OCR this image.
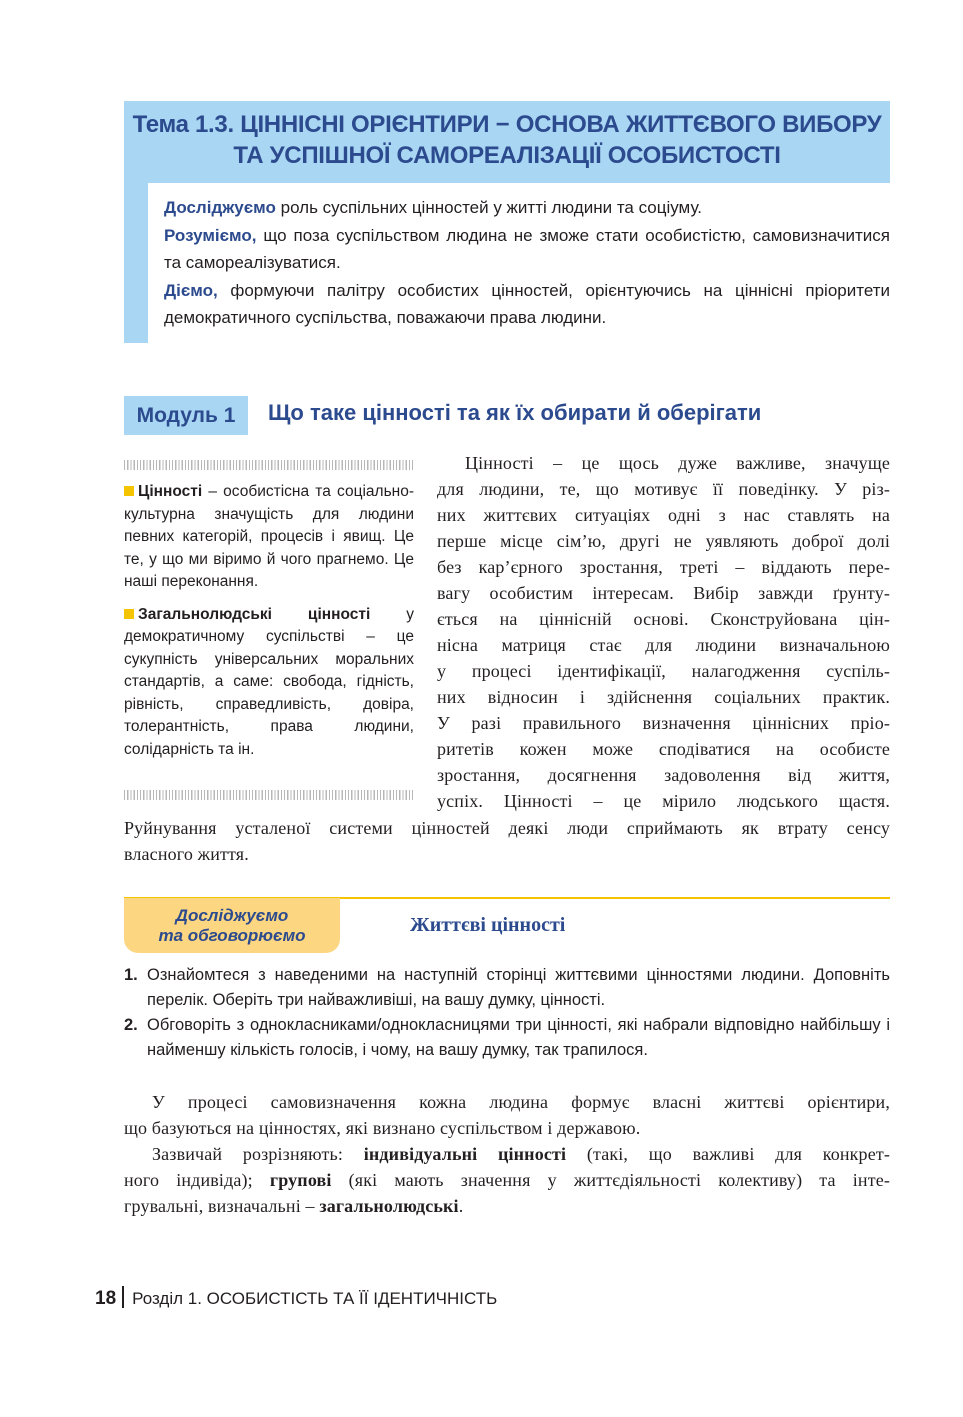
Тема 1.3. ЦІННІСНІ ОРІЄНТИРИ − ОСНОВА ЖИТТЄВОГО ВИБОРУ
ТА УСПІШНОЇ САМОРЕАЛІЗАЦІЇ ОСОБИСТОСТІ

Досліджуємо роль суспільних цінностей у житті людини та соціуму.

Розуміємо, що поза суспільством людина не зможе стати особистістю, самовизначитися та самореалізуватися.

Діємо, формуючи палітру особистих цінностей, орієнтуючись на ціннісні пріоритети демократичного суспільства, поважаючи права людини.

Модуль 1	Що таке цінності та як їх обирати й оберігати

Цінності – особистісна та соціально-культурна значущість для людини певних категорій, процесів і явищ. Це те, у що ми віримо й чого прагнемо. Це наші переконання.

Загальнолюдські цінності у демократичному суспільстві – це сукупність універсальних моральних стандартів, а саме: свобода, гідність, рівність, справедливість, довіра, толерантність, права людини, солідарність та ін.

Цінності – це щось дуже важливе, значуще
для людини, те, що мотивує її поведінку. У різ-
них життєвих ситуаціях одні з нас ставлять на
перше місце сім’ю, другі не уявляють доброї долі
без кар’єрного зростання, треті – віддають пере-
вагу особистим інтересам. Вибір завжди ґрунту-
ється на ціннісній основі. Сконструйована цін-
нісна матриця стає для людини визначальною
у процесі ідентифікації, налагодження суспіль-
них відносин і здійснення соціальних практик.
У разі правильного визначення ціннісних пріо-
ритетів кожен може сподіватися на особисте
зростання, досягнення задоволення від життя,
успіх. Цінності – це мірило людського щастя.
Руйнування усталеної системи цінностей деякі люди сприймають як втрату сенсу
власного життя.
Досліджуємо
та обговорюємо	Життєві цінності
1. Ознайомтеся з наведеними на наступній сторінці життєвими цінностями людини. Доповніть перелік. Оберіть три найважливіші, на вашу думку, цінності.
2. Обговоріть з однокласниками/однокласницями три цінності, які набрали відповідно найбільшу і найменшу кількість голосів, і чому, на вашу думку, так трапилося.
У процесі самовизначення кожна людина формує власні життєві орієнтири,
що базуються на цінностях, які визнано суспільством і державою.
Зазвичай розрізняють: індивідуальні цінності (такі, що важливі для конкрет-
ного індивіда); групові (які мають значення у життєдіяльності колективу) та інте-
грувальні, визначальні – загальнолюдські.
18 Розділ 1. ОСОБИСТІСТЬ ТА ЇЇ ІДЕНТИЧНІСТЬ
